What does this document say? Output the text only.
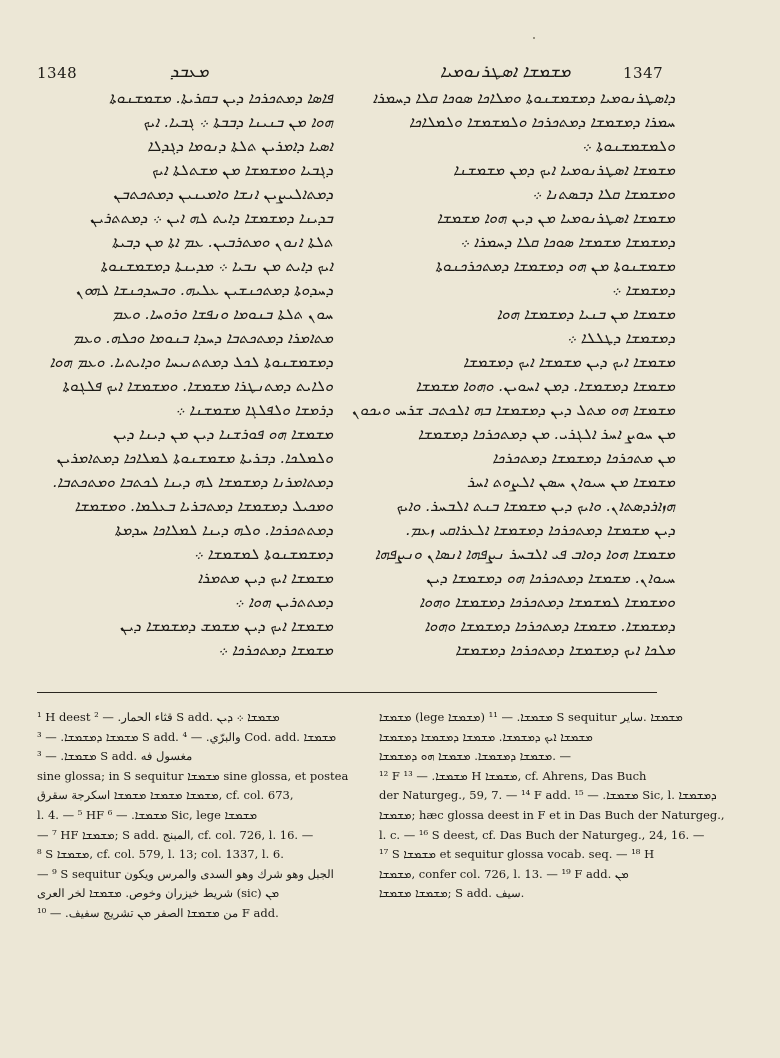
1348	ܡܥܒܕ	ܡܫܡܫܐ ܐܣܛܪܢܘܡܝܐ	1347
ܦܐܣܐ ܕܡܬܟܪܟܐ ܕܝܢ ܒܩܪܝܬܐ. ܡܫܡܫܢܘܬܐ
ܗܘܐ ܡܢ ܒܢܝܢܐ ܕܒܒܬܐ ܀ ܓܒܝܐ. ܐܝܟ
ܐܣܝܐ ܕܐܡܪܝܢ ܬܠܬܐ ܕܢܘܡܐ ܕܓܕܠܐ
ܕܓܒܝܐ ܘܡܫܡܫܐ ܡܢ ܡܫܬܠܬܐ ܐܝܟ
ܕܡܬܐܠܝܨܝܢ ܐܢܫܐ ܘܐܡܝܢܝܢ ܕܡܬܟܬܒܢ
ܒܕܝܢܐ ܕܡܫܡܫܐ ܕܐܝܬ ܠܗ ܐܝܢ ܀ ܕܡܬܬܪܝܢ
ܬܠܬܐ ܐܢܘܢ ܘܡܬܪܒܝܢ. ܥܡ ܐܬܐ ܡܢ ܕܒܝܬܐ
ܐܝܟ ܕܐܝܬ ܡܢ ܢܒܝܐ ܀ ܡܕܝܢܬܐ ܕܡܫܡܫܢܘܬܐ
ܕܚܕܘܬܐ ܕܡܬܟܢܫܝܢ ܥܠܝܗ. ܘܒܚܕܟܢܫܐ ܠܗܘܢ
ܚܘܢ ܬܠܬܐ ܒܢܘܡܐ ܘܢܦܫܐ ܘܪܘܚܐ. ܘܥܡ
ܡܬܐܡܪܐ ܕܡܬܟܬܒܐ ܕܚܕܐ ܒܢܘܡܐ ܘܟܠܗ. ܘܥܡ
ܕܡܫܡܫܢܘܬܐ ܠܟܠ ܕܡܬܬܢܝܚܐ ܘܕܐܝܬܝܐ. ܘܥܡ ܗܘܐ
ܘܠܐܝܬ ܕܡܬܢܛܪܐ ܡܫܡܫܐ. ܘܡܫܡܫܐ ܐܝܟ ܦܠܓܘܬܐ
ܕܪܡܫܐ ܘܠܦܠܓܐ ܡܫܡܫܢܐ ܀
ܡܫܡܫܐ ܗܘ ܦܘܪܫܢܐ ܕܝܢ ܡܢ ܕܝܢܐ ܕܝܢ
ܘܠܡܠܟܐ. ܕܒܪܝܬܐ ܡܫܡܫܢܘܬܐ ܠܡܠܐܟܐ ܕܡܬܐܡܪܝܢ
ܕܡܬܐܡܪܢܐ ܕܡܫܡܫܐ ܠܗ ܕܝܢܐ ܠܟܬܒܐ ܘܡܬܟܬܒܐ.
ܘܡܟܝܠ ܕܡܫܡܫܐ ܕܡܬܒܪܝܐ ܒܥܠܡܐ. ܘܡܫܡܫܐ
ܕܡܬܬܟܪܟܐ. ܘܠܗ ܕܝܢܐ ܠܡܠܐܟܐ ܚܕܡܬܐ
ܕܡܫܡܫܢܘܬܐ ܠܡܫܡܫܐ ܀
ܡܫܡܫܐ ܐܝܟ ܕܝܢ ܡܬܡܪܐ
ܕܡܬܬܪܝܢ ܗܘܐ ܀
ܡܫܡܫܐ ܐܝܟ ܕܝܢ ܡܫܡܫ ܕܡܫܡܫܐ ܕܝܢ
ܡܫܡܫܐ ܕܡܬܟܪܟܐ ܀
ܕܐܣܛܪܢܘܡܝܐ ܕܡܫܡܫܢܘܬܐ ܘܡܠܐܟܐ ܣܘܟܐ ܩܠܐ ܕܚܡܪܐ
ܚܡܪܐ ܕܡܫܡܫܐ ܕܡܬܟܪܟܐ ܘܠܡܫܡܫܐ ܘܠܡܠܐܟܐ
ܘܠܡܫܡܫܢܘܬܐ ܀
ܡܫܡܫܐ ܐܣܛܪܢܘܡܝܐ ܐܝܟ ܕܡܢ ܡܫܡܫܢܐ
ܘܡܫܡܫܐ ܩܠܐ ܕܒܣܬܢܐ ܀
ܡܫܡܫܐ ܐܣܛܪܢܘܡܝܐ ܡܢ ܕܝܢ ܗܘܐ ܡܫܡܫܐ
ܕܡܫܡܫܐ ܡܫܡܫܐ ܣܘܟܐ ܩܠܐ ܕܚܡܪܐ ܀
ܡܫܡܫܢܘܬܐ ܡܢ ܗܘ ܕܡܫܡܫܐ ܕܡܬܟܪܟܢܘܬܐ
ܕܡܫܡܫܐ ܀
ܡܫܡܫܐ ܡܢ ܒܢܝܐ ܕܡܫܡܫܐ ܗܘܐ
ܕܡܫܡܫܐ ܕܛܠܠܐ ܀
ܡܫܡܫܐ ܐܝܟ ܕܝܢ ܡܫܡܫܐ ܐܝܟ ܕܡܫܡܫܐ
ܡܫܡܫܐ ܕܡܫܡܫܐ. ܕܡܢ ܐܚܘܝܢ. ܘܗܘܐ ܡܫܡܫܐ
ܡܫܡܫܐ ܗܘ ܡܬܠ ܕܝܢ ܕܡܫܡܫܐ ܒܗ ܐܠܟܬܒ ܫܪܚ ܘܝܟܘܢ
ܡܢ ܚܘܨ ܐܚܪ ܐܠܓܪܝ. ܡܢ ܕܡܬܟܪܟܐ ܕܡܫܡܫܐ
ܡܢ ܡܬܟܪܟܐ ܕܡܫܡܫܐ ܕܡܬܟܪܟܐ
ܡܫܡܫܐ ܡܢ ܚܝܘܐܢ ܚܣܢ ܐܠܨܘܬ ܐܚܪ
ܗܙܐܪܕܣܬܐܢ. ܘܐܝܟ ܕܝܢ ܡܫܡܫܐ ܒܢܬ ܐܠܒܚܪ. ܘܐܝܟ
ܕܝܢ ܡܫܡܫܐ ܕܡܬܟܪܟܐ ܕܡܫܡܫܐ ܐܠܥܪܐܩܝ ܙܥܡ.
ܡܫܡܫܐ ܗܘܐ ܕܘܐܒ ܦܝ ܐܠܒܚܪ ܢܨܦܗܐ ܐܢܣܐܢ ܘܢܨܦܗܐ
ܚܝܘܐܢ. ܡܫܡܫܐ ܕܡܬܟܪܟܐ ܗܘ ܕܡܫܡܫܐ ܕܝܢ
ܘܡܫܡܫܐ ܠܡܫܡܫܐ ܕܡܬܟܪܟܐ ܕܡܫܡܫܐ ܘܗܘܐ
ܕܡܫܡܫܐ. ܡܫܡܫܐ ܕܡܬܟܪܟܐ ܕܡܫܡܫܐ ܘܗܘܐ
ܡܠܟܐ ܐܝܟ ܕܡܫܡܫܐ ܕܡܬܟܪܟܐ ܕܡܫܡܫܐ
¹ H deest قثاء الحمار. — ² S add. ܡܫܡܫܐ ܀ ܕܝܢ
ܡܫܡܫܐ ܕܡܫܡܫܐ. — ³ S add. والبرّي. — ⁴ Cod. add. ܡܫܡܫܐ
ܡܫܡܫܐ. — ³ S add. مغسول فه
sine glossa; in S sequitur ܡܫܡܫܐ sine glossa, et postea
ܡܫܡܫܐ ܡܫܡܫܐ ܡܫܡܫܐ اسكرجة سقرق, cf. col. 673,
l. 4. — ⁵ HF ܡܫܡܫܐ. — ⁶ Sic, lege ܡܫܡܫܐ
— ⁷ HF ܡܫܡܫܐ; S add. المبنج, cf. col. 726, l. 16. —
⁸ S ܡܫܡܫܐ, cf. col. 579, l. 13; col. 1337, l. 6.
— ⁹ S sequitur الجبل وهو شرك وهو السدى والمرس ويكون
شريط خيزران وخوص. ܡܫܡܫܐ لخر العرى (sic) ܡܢ
من ܡܫܡܫܐ الصفر ܡܢ تشريج سفيف. — ¹⁰ F add.
ܡܫܡܫܐ (lege ܡܫܡܫܐ) ܡܫܡܫܐ. — ¹¹ S sequitur ܡܫܡܫܐ .ساير
ܡܫܡܫܐ ܐܝܟ ܕܡܫܡܫܐ. ܡܫܡܫܐ ܕܡܫܡܫܐ ܕܡܫܡܫܐ
ܡܫܡܫܐ ܕܡܫܡܫܐ. ܡܫܡܫܐ ܗܘ ܕܡܫܡܫܐ. —
¹² F ܡܫܡܫܐ. — ¹³ H ܡܫܡܫܐ, cf. Ahrens, Das Buch
der Naturgeg., 59, 7. — ¹⁴ F add. ܡܫܡܫܐ. — ¹⁵ Sic, l. ܕܡܫܡܫܐ
ܡܫܡܫܐ; hæc glossa deest in F et in Das Buch der Naturgeg.,
l. c. — ¹⁶ S deest, cf. Das Buch der Naturgeg., 24, 16. —
¹⁷ S ܡܫܡܫܐ et sequitur glossa vocab. seq. — ¹⁸ H
ܡܫܡܫܐ, confer col. 726, l. 13. — ¹⁹ F add. ܡܢ
ܡܫܡܫܐ ܡܫܡܫܐ; S add. سيف.
